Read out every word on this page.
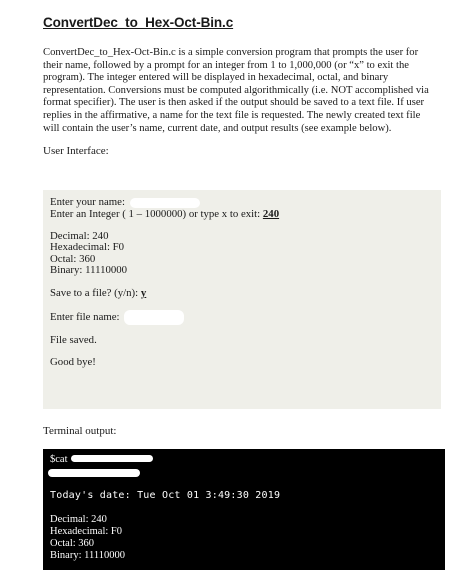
ConvertDec_to_Hex-Oct-Bin.c

ConvertDec_to_Hex-Oct-Bin.c is a simple conversion program that prompts the user for their name, followed by a prompt for an integer from 1 to 1,000,000 (or “x” to exit the program). The integer entered will be displayed in hexadecimal, octal, and binary representation. Conversions must be computed algorithmically (i.e. NOT accomplished via format specifier). The user is then asked if the output should be saved to a text file. If user replies in the affirmative, a name for the text file is requested. The newly created text file will contain the user’s name, current date, and output results (see example below).

User Interface:
Enter your name:
Enter an Integer ( 1 – 1000000) or type x to exit: 240
Decimal: 240
Hexadecimal: F0
Octal: 360
Binary: 11110000
Save to a file? (y/n): y
Enter file name:
File saved.
Good bye!
Terminal output:
$cat
Today's date: Tue Oct 01 3:49:30 2019
Decimal: 240
Hexadecimal: F0
Octal: 360
Binary: 11110000
